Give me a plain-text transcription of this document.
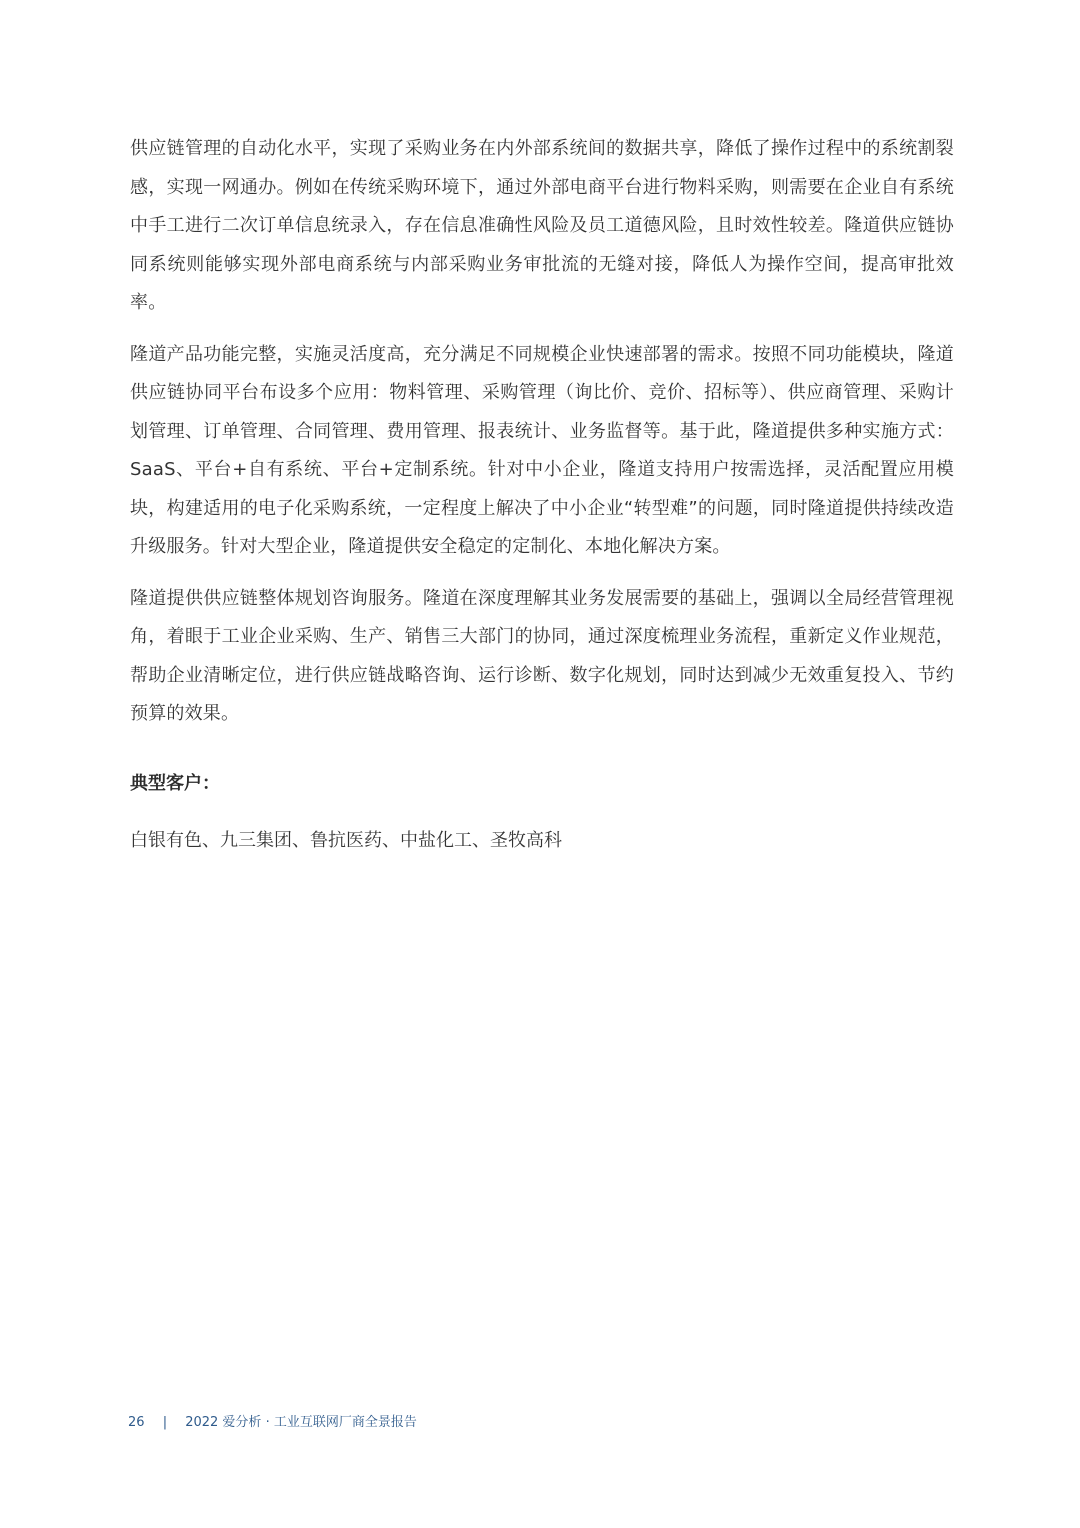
供应链管理的自动化水平，实现了采购业务在内外部系统间的数据共享，降低了操作过程中的系统割裂感，实现一网通办。例如在传统采购环境下，通过外部电商平台进行物料采购，则需要在企业自有系统中手工进行二次订单信息统录入，存在信息准确性风险及员工道德风险，且时效性较差。隆道供应链协同系统则能够实现外部电商系统与内部采购业务审批流的无缝对接，降低人为操作空间，提高审批效率。

隆道产品功能完整，实施灵活度高，充分满足不同规模企业快速部署的需求。按照不同功能模块，隆道供应链协同平台布设多个应用：物料管理、采购管理（询比价、竞价、招标等）、供应商管理、采购计划管理、订单管理、合同管理、费用管理、报表统计、业务监督等。基于此，隆道提供多种实施方式：SaaS、平台+自有系统、平台+定制系统。针对中小企业，隆道支持用户按需选择，灵活配置应用模块，构建适用的电子化采购系统，一定程度上解决了中小企业“转型难”的问题，同时隆道提供持续改造升级服务。针对大型企业，隆道提供安全稳定的定制化、本地化解决方案。

隆道提供供应链整体规划咨询服务。隆道在深度理解其业务发展需要的基础上，强调以全局经营管理视角，着眼于工业企业采购、生产、销售三大部门的协同，通过深度梳理业务流程，重新定义作业规范，帮助企业清晰定位，进行供应链战略咨询、运行诊断、数字化规划，同时达到减少无效重复投入、节约预算的效果。

典型客户：

白银有色、九三集团、鲁抗医药、中盐化工、圣牧高科

26 | 2022 爱分析 · 工业互联网厂商全景报告
